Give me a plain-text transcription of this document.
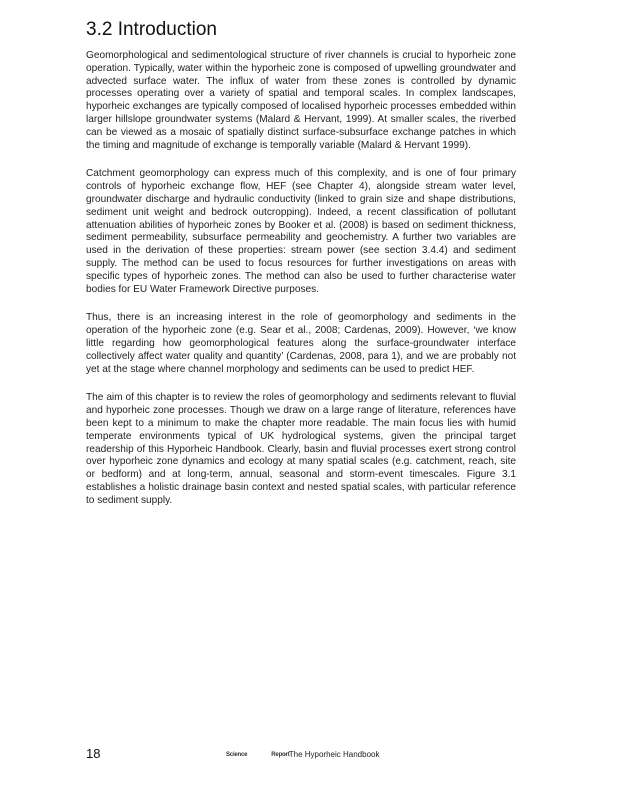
3.2 Introduction

Geomorphological and sedimentological structure of river channels is crucial to hyporheic zone operation. Typically, water within the hyporheic zone is composed of upwelling groundwater and advected surface water. The influx of water from these zones is controlled by dynamic processes operating over a variety of spatial and temporal scales. In complex landscapes, hyporheic exchanges are typically composed of localised hyporheic processes embedded within larger hillslope groundwater systems (Malard & Hervant, 1999). At smaller scales, the riverbed can be viewed as a mosaic of spatially distinct surface-subsurface exchange patches in which the timing and magnitude of exchange is temporally variable (Malard & Hervant 1999).

Catchment geomorphology can express much of this complexity, and is one of four primary controls of hyporheic exchange flow, HEF (see Chapter 4), alongside stream water level, groundwater discharge and hydraulic conductivity (linked to grain size and shape distributions, sediment unit weight and bedrock outcropping). Indeed, a recent classification of pollutant attenuation abilities of hyporheic zones by Booker et al. (2008) is based on sediment thickness, sediment permeability, subsurface permeability and geochemistry. A further two variables are used in the derivation of these properties: stream power (see section 3.4.4) and sediment supply. The method can be used to focus resources for further investigations on areas with specific types of hyporheic zones. The method can also be used to further characterise water bodies for EU Water Framework Directive purposes.

Thus, there is an increasing interest in the role of geomorphology and sediments in the operation of the hyporheic zone (e.g. Sear et al., 2008; Cardenas, 2009). However, ‘we know little regarding how geomorphological features along the surface-groundwater interface collectively affect water quality and quantity’ (Cardenas, 2008, para 1), and we are probably not yet at the stage where channel morphology and sediments can be used to predict HEF.

The aim of this chapter is to review the roles of geomorphology and sediments relevant to fluvial and hyporheic zone processes. Though we draw on a large range of literature, references have been kept to a minimum to make the chapter more readable. The main focus lies with humid temperate environments typical of UK hydrological systems, given the principal target readership of this Hyporheic Handbook. Clearly, basin and fluvial processes exert strong control over hyporheic zone dynamics and ecology at many spatial scales (e.g. catchment, reach, site or bedform) and at long-term, annual, seasonal and storm-event timescales. Figure 3.1 establishes a holistic drainage basin context and nested spatial scales, with particular reference to sediment supply.

18	Science	Report
- The Hyporheic Handbook
